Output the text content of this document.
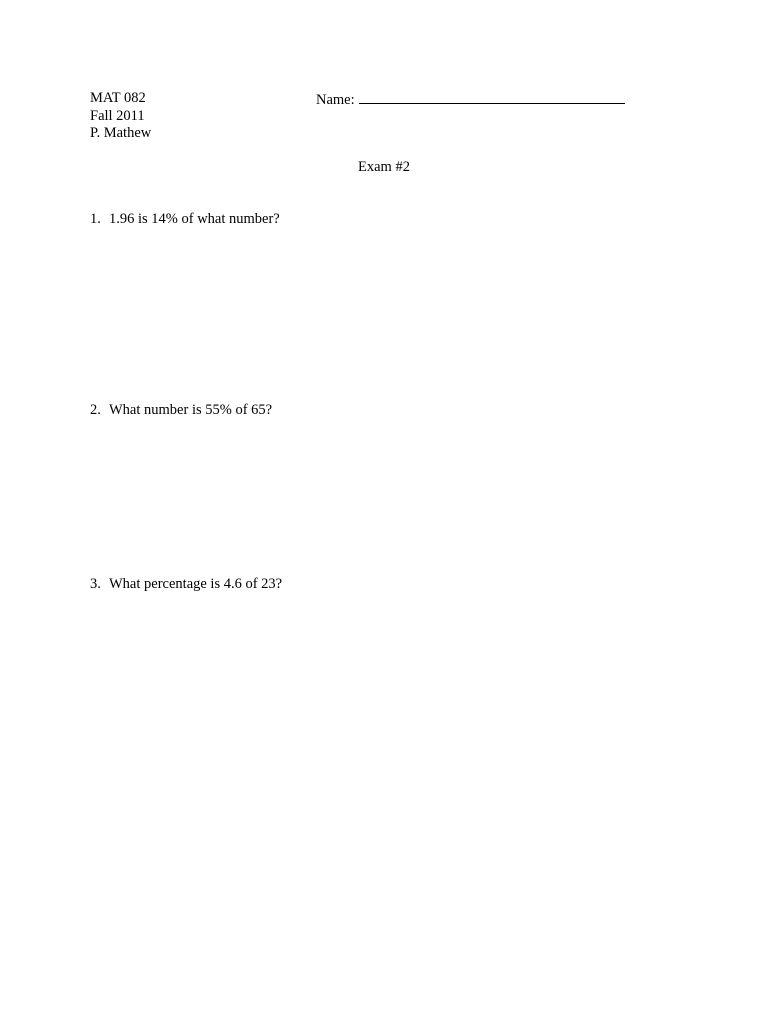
MAT 082
Fall 2011
P. Mathew
Name:
Exam #2
1. 1.96 is 14% of what number?
2. What number is 55% of 65?
3. What percentage is 4.6 of 23?
